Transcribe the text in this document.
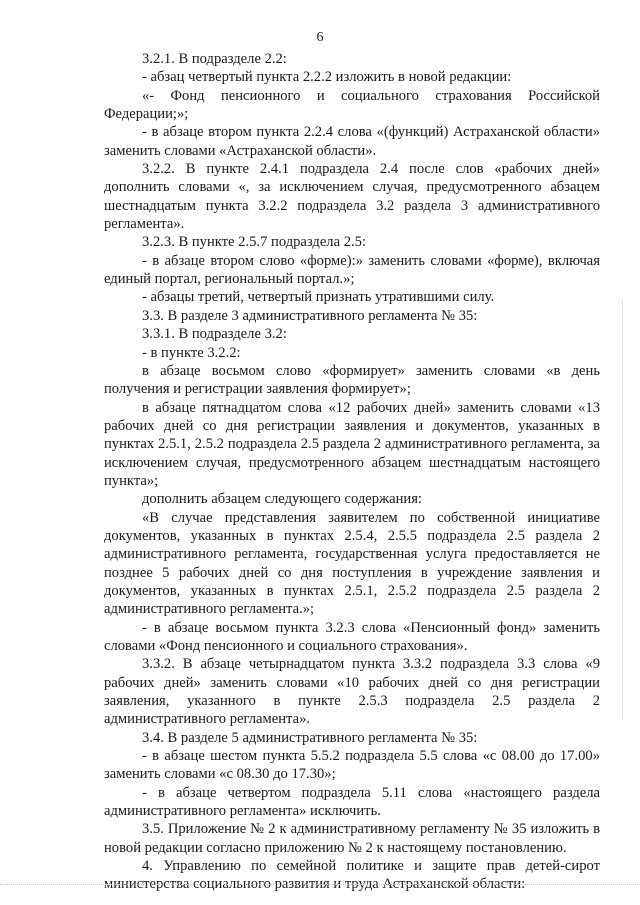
6

3.2.1. В подразделе 2.2:

- абзац четвертый пункта 2.2.2 изложить в новой редакции:

«- Фонд пенсионного и социального страхования Российской Федерации;»;

- в абзаце втором пункта 2.2.4 слова «(функций) Астраханской области» заменить словами «Астраханской области».

3.2.2. В пункте 2.4.1 подраздела 2.4 после слов «рабочих дней» дополнить словами «, за исключением случая, предусмотренного абзацем шестнадцатым пункта 3.2.2 подраздела 3.2 раздела 3 административного регламента».

3.2.3. В пункте 2.5.7 подраздела 2.5:

- в абзаце втором слово «форме):» заменить словами «форме), включая единый портал, региональный портал.»;

- абзацы третий, четвертый признать утратившими силу.

3.3. В разделе 3 административного регламента № 35:

3.3.1. В подразделе 3.2:

- в пункте 3.2.2:

в абзаце восьмом слово «формирует» заменить словами «в день получения и регистрации заявления формирует»;

в абзаце пятнадцатом слова «12 рабочих дней» заменить словами «13 рабочих дней со дня регистрации заявления и документов, указанных в пунктах 2.5.1, 2.5.2 подраздела 2.5 раздела 2 административного регламента, за исключением случая, предусмотренного абзацем шестнадцатым настоящего пункта»;

дополнить абзацем следующего содержания:

«В случае представления заявителем по собственной инициативе документов, указанных в пунктах 2.5.4, 2.5.5 подраздела 2.5 раздела 2 административного регламента, государственная услуга предоставляется не позднее 5 рабочих дней со дня поступления в учреждение заявления и документов, указанных в пунктах 2.5.1, 2.5.2 подраздела 2.5 раздела 2 административного регламента.»;

- в абзаце восьмом пункта 3.2.3 слова «Пенсионный фонд» заменить словами «Фонд пенсионного и социального страхования».

3.3.2. В абзаце четырнадцатом пункта 3.3.2 подраздела 3.3 слова «9 рабочих дней» заменить словами «10 рабочих дней со дня регистрации заявления, указанного в пункте 2.5.3 подраздела 2.5 раздела 2 административного регламента».

3.4. В разделе 5 административного регламента № 35:

- в абзаце шестом пункта 5.5.2 подраздела 5.5 слова «с 08.00 до 17.00» заменить словами «с 08.30 до 17.30»;

- в абзаце четвертом подраздела 5.11 слова «настоящего раздела административного регламента» исключить.

3.5. Приложение № 2 к административному регламенту № 35 изложить в новой редакции согласно приложению № 2 к настоящему постановлению.

4. Управлению по семейной политике и защите прав детей-сирот министерства социального развития и труда Астраханской области:
